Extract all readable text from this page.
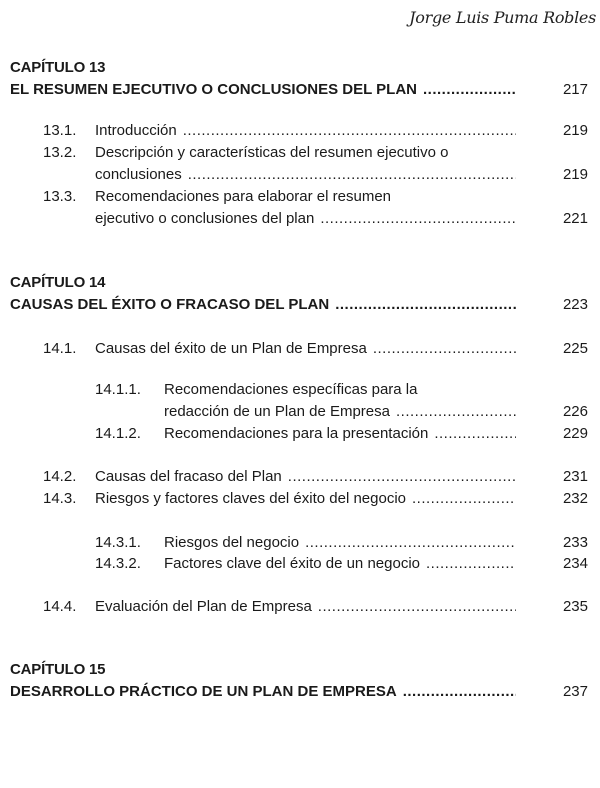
Jorge Luis Puma Robles
CAPÍTULO 13
EL RESUMEN EJECUTIVO O CONCLUSIONES DEL PLAN .....	217
13.1. Introducción .....	219
13.2. Descripción y características del resumen ejecutivo o
conclusiones .....	219
13.3. Recomendaciones para elaborar el resumen
ejecutivo o conclusiones del plan .....	221
CAPÍTULO 14
CAUSAS DEL ÉXITO O FRACASO DEL PLAN .....	223
14.1. Causas del éxito de un Plan de Empresa .....	225
14.1.1. Recomendaciones específicas para la
redacción de un Plan de Empresa .....	226
14.1.2. Recomendaciones para la presentación .....	229
14.2. Causas del fracaso del Plan .....	231
14.3. Riesgos y factores claves del éxito del negocio .....	232
14.3.1. Riesgos del negocio .....	233
14.3.2. Factores clave del éxito de un negocio .....	234
14.4. Evaluación del Plan de Empresa .....	235
CAPÍTULO 15
DESARROLLO PRÁCTICO DE UN PLAN DE EMPRESA .....	237
